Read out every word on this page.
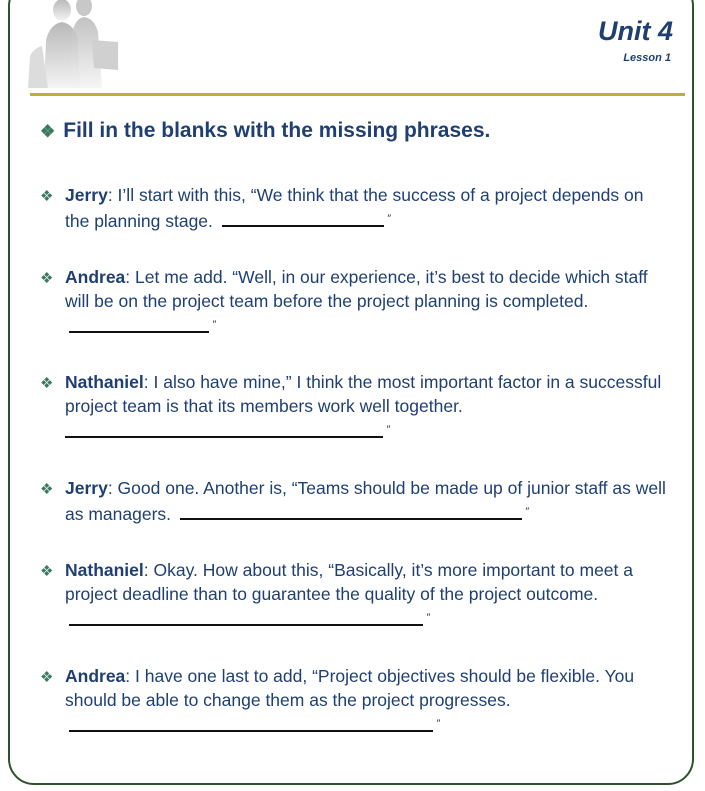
Unit 4
Lesson 1
❖ Fill in the blanks with the missing phrases.
❖ Jerry: I’ll start with this, “We think that the success of a project depends on the planning stage.	”
❖ Andrea: Let me add. “Well, in our experience, it’s best to decide which staff will be on the project team before the project planning is completed. ”
❖ Nathaniel: I also have mine,” I think the most important factor in a successful project team is that its members work well together.
”
❖ Jerry: Good one. Another is, “Teams should be made up of junior staff as well as managers.	”
❖ Nathaniel: Okay. How about this, “Basically, it’s more important to meet a project deadline than to guarantee the quality of the project outcome. ”
❖ Andrea: I have one last to add, “Project objectives should be flexible. You should be able to change them as the project progresses. ”
